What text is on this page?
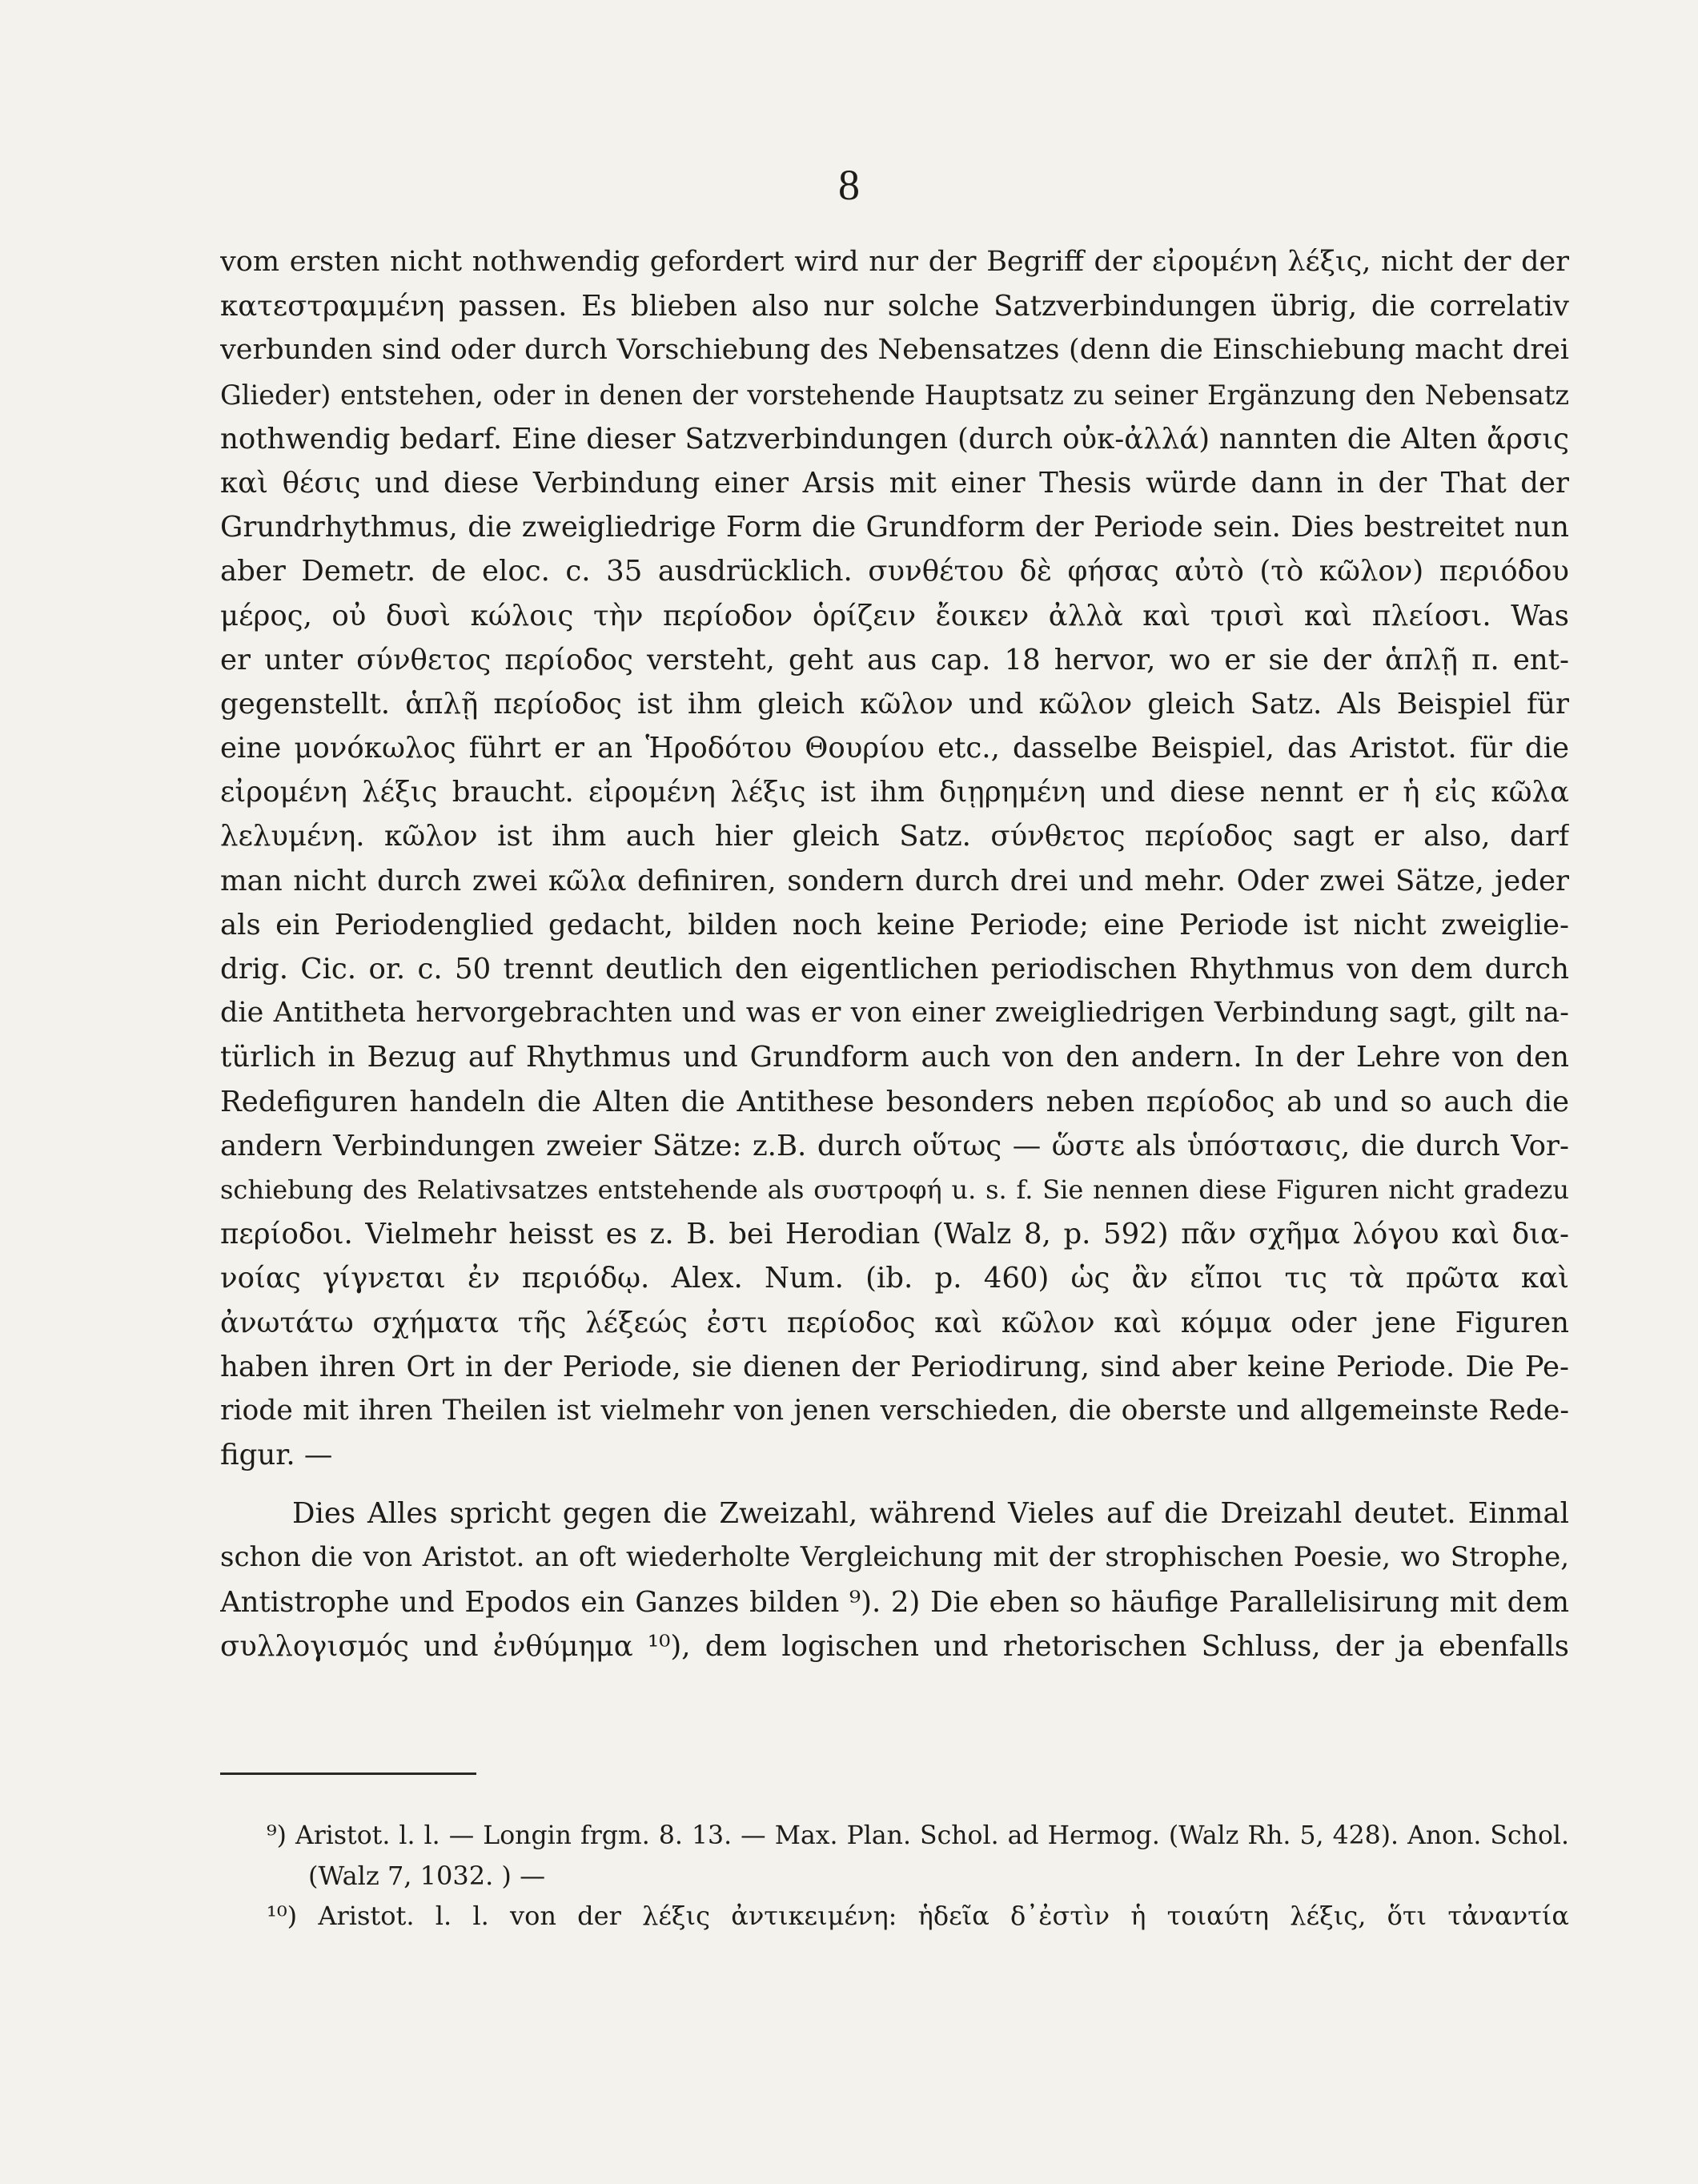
8
vom ersten nicht nothwendig gefordert wird nur der Begriff der εἰρομένη λέξις, nicht der der
κατεστραμμένη passen. Es blieben also nur solche Satzverbindungen übrig, die correlativ
verbunden sind oder durch Vorschiebung des Nebensatzes (denn die Einschiebung macht drei
Glieder) entstehen, oder in denen der vorstehende Hauptsatz zu seiner Ergänzung den Nebensatz
nothwendig bedarf. Eine dieser Satzverbindungen (durch οὐκ-ἀλλά) nannten die Alten ἄρσις
καὶ θέσις und diese Verbindung einer Arsis mit einer Thesis würde dann in der That der
Grundrhythmus, die zweigliedrige Form die Grundform der Periode sein. Dies bestreitet nun
aber Demetr. de eloc. c. 35 ausdrücklich. συνθέτου δὲ φήσας αὐτὸ (τὸ κῶλον) περιόδου
μέρος, οὐ δυσὶ κώλοις τὴν περίοδον ὁρίζειν ἔοικεν ἀλλὰ καὶ τρισὶ καὶ πλείοσι. Was
er unter σύνθετος περίοδος versteht, geht aus cap. 18 hervor, wo er sie der ἁπλῇ π. ent-
gegenstellt. ἁπλῇ περίοδος ist ihm gleich κῶλον und κῶλον gleich Satz. Als Beispiel für
eine μονόκωλος führt er an Ἡροδότου Θουρίου etc., dasselbe Beispiel, das Aristot. für die
εἰρομένη λέξις braucht. εἰρομένη λέξις ist ihm διῃρημένη und diese nennt er ἡ εἰς κῶλα
λελυμένη. κῶλον ist ihm auch hier gleich Satz. σύνθετος περίοδος sagt er also, darf
man nicht durch zwei κῶλα definiren, sondern durch drei und mehr. Oder zwei Sätze, jeder
als ein Periodenglied gedacht, bilden noch keine Periode; eine Periode ist nicht zweiglie-
drig. Cic. or. c. 50 trennt deutlich den eigentlichen periodischen Rhythmus von dem durch
die Antitheta hervorgebrachten und was er von einer zweigliedrigen Verbindung sagt, gilt na-
türlich in Bezug auf Rhythmus und Grundform auch von den andern. In der Lehre von den
Redefiguren handeln die Alten die Antithese besonders neben περίοδος ab und so auch die
andern Verbindungen zweier Sätze: z.B. durch οὕτως — ὥστε als ὑπόστασις, die durch Vor-
schiebung des Relativsatzes entstehende als συστροφή u. s. f. Sie nennen diese Figuren nicht gradezu
περίοδοι. Vielmehr heisst es z. B. bei Herodian (Walz 8, p. 592) πᾶν σχῆμα λόγου καὶ δια-
νοίας γίγνεται ἐν περιόδῳ. Alex. Num. (ib. p. 460) ὡς ἂν εἴποι τις τὰ πρῶτα καὶ
ἀνωτάτω σχήματα τῆς λέξεώς ἐστι περίοδος καὶ κῶλον καὶ κόμμα oder jene Figuren
haben ihren Ort in der Periode, sie dienen der Periodirung, sind aber keine Periode. Die Pe-
riode mit ihren Theilen ist vielmehr von jenen verschieden, die oberste und allgemeinste Rede-
figur. —
Dies Alles spricht gegen die Zweizahl, während Vieles auf die Dreizahl deutet. Einmal
schon die von Aristot. an oft wiederholte Vergleichung mit der strophischen Poesie, wo Strophe,
Antistrophe und Epodos ein Ganzes bilden ⁹). 2) Die eben so häufige Parallelisirung mit dem
συλλογισμός und ἐνθύμημα ¹⁰), dem logischen und rhetorischen Schluss, der ja ebenfalls
⁹) Aristot. l. l. — Longin frgm. 8. 13. — Max. Plan. Schol. ad Hermog. (Walz Rh. 5, 428). Anon. Schol.
(Walz 7, 1032. ) —
¹⁰) Aristot. l. l. von der λέξις ἀντικειμένη: ἡδεῖα δ᾽ἐστὶν ἡ τοιαύτη λέξις, ὅτι τἀναντία
